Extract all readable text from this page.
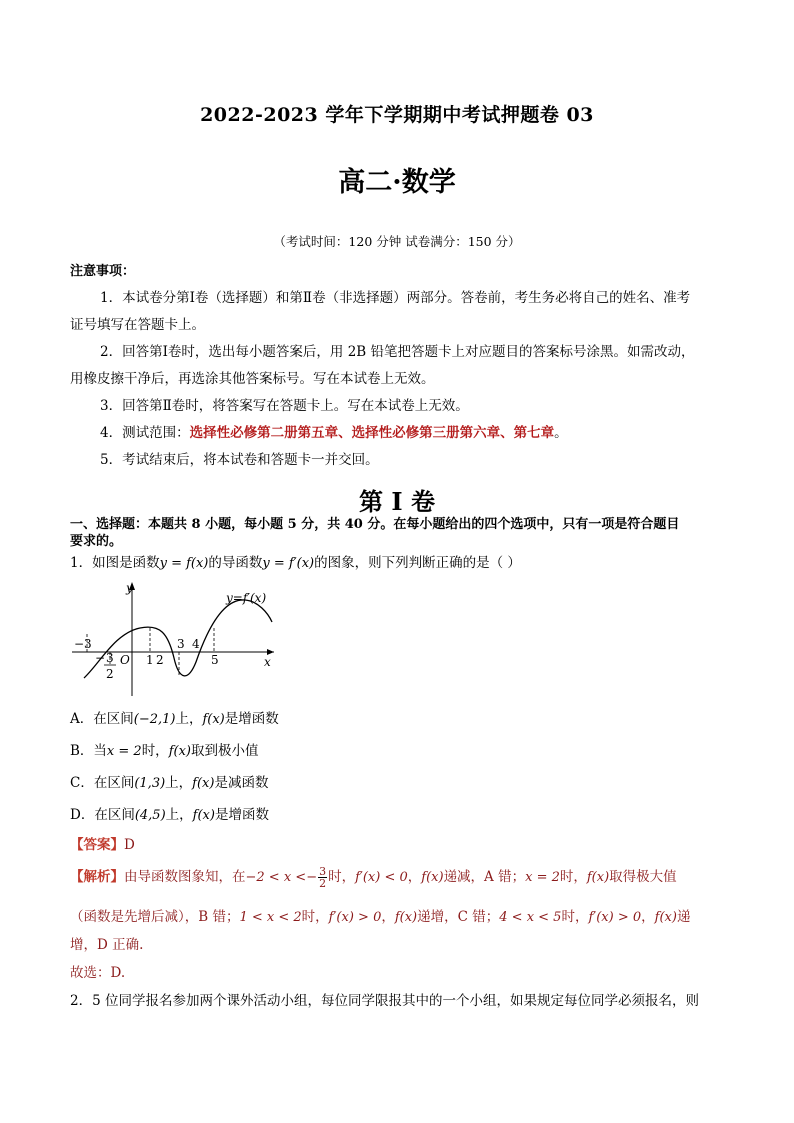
2022-2023 学年下学期期中考试押题卷 03
高二·数学
（考试时间：120 分钟 试卷满分：150 分）
注意事项：
1．本试卷分第Ⅰ卷（选择题）和第Ⅱ卷（非选择题）两部分。答卷前，考生务必将自己的姓名、准考
证号填写在答题卡上。
2．回答第Ⅰ卷时，选出每小题答案后，用 2B 铅笔把答题卡上对应题目的答案标号涂黑。如需改动，
用橡皮擦干净后，再选涂其他答案标号。写在本试卷上无效。
3．回答第Ⅱ卷时，将答案写在答题卡上。写在本试卷上无效。
4．测试范围：选择性必修第二册第五章、选择性必修第三册第六章、第七章。
5．考试结束后，将本试卷和答题卡一并交回。
第 I 卷
一、选择题：本题共 8 小题，每小题 5 分，共 40 分。在每小题给出的四个选项中，只有一项是符合题目
要求的。
1．如图是函数y = f(x)的导函数y = f′(x)的图象，则下列判断正确的是（ ）
y
x
O
y=f′(x)
−3
− 3
2
1 2
3 4
5
A．在区间(−2,1)上，f(x)是增函数
B．当x = 2时，f(x)取到极小值
C．在区间(1,3)上，f(x)是减函数
D．在区间(4,5)上，f(x)是增函数
【答案】D
【解析】由导函数图象知，在$-2 < x <- \frac{3}{2}$ 时，f′(x) < 0，f(x)递减，A 错；x = 2时，f(x)取得极大值
（函数是先增后减），B 错；1 < x < 2时，f′(x) > 0，f(x)递增，C 错；4 < x < 5时，f′(x) > 0，f(x)递
增，D 正确.
故选：D.
2．5 位同学报名参加两个课外活动小组，每位同学限报其中的一个小组，如果规定每位同学必须报名，则
